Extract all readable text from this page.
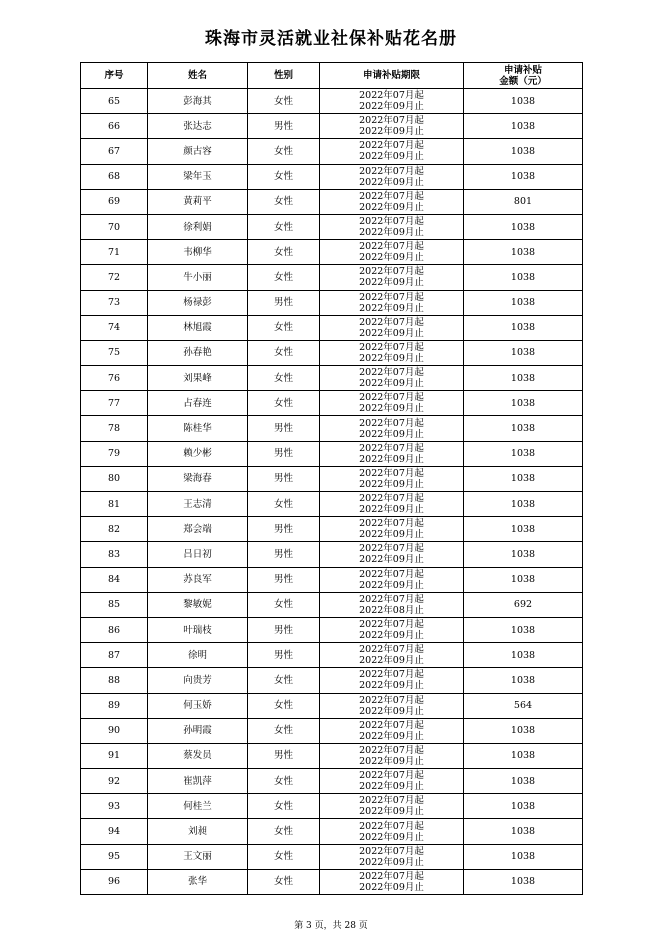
珠海市灵活就业社保补贴花名册
序号	姓名	性别	申请补贴期限	申请补贴
金额（元）

65	彭海其	女性	2022年07月起
2022年09月止	1038
66	张达志	男性	2022年07月起
2022年09月止	1038
67	颜古容	女性	2022年07月起
2022年09月止	1038
68	梁年玉	女性	2022年07月起
2022年09月止	1038
69	黄莉平	女性	2022年07月起
2022年09月止	801
70	徐利娟	女性	2022年07月起
2022年09月止	1038
71	韦柳华	女性	2022年07月起
2022年09月止	1038
72	牛小丽	女性	2022年07月起
2022年09月止	1038
73	杨禄彭	男性	2022年07月起
2022年09月止	1038
74	林旭霞	女性	2022年07月起
2022年09月止	1038
75	孙春艳	女性	2022年07月起
2022年09月止	1038
76	刘果峰	女性	2022年07月起
2022年09月止	1038
77	占春连	女性	2022年07月起
2022年09月止	1038
78	陈桂华	男性	2022年07月起
2022年09月止	1038
79	赖少彬	男性	2022年07月起
2022年09月止	1038
80	梁海春	男性	2022年07月起
2022年09月止	1038
81	王志清	女性	2022年07月起
2022年09月止	1038
82	郑会端	男性	2022年07月起
2022年09月止	1038
83	吕日初	男性	2022年07月起
2022年09月止	1038
84	苏良军	男性	2022年07月起
2022年09月止	1038
85	黎敏妮	女性	2022年07月起
2022年08月止	692
86	叶瑞枝	男性	2022年07月起
2022年09月止	1038
87	徐明	男性	2022年07月起
2022年09月止	1038
88	向贵芳	女性	2022年07月起
2022年09月止	1038
89	何玉娇	女性	2022年07月起
2022年09月止	564
90	孙明霞	女性	2022年07月起
2022年09月止	1038
91	蔡发员	男性	2022年07月起
2022年09月止	1038
92	崔凯萍	女性	2022年07月起
2022年09月止	1038
93	何桂兰	女性	2022年07月起
2022年09月止	1038
94	刘昶	女性	2022年07月起
2022年09月止	1038
95	王文丽	女性	2022年07月起
2022年09月止	1038
96	张华	女性	2022年07月起
2022年09月止	1038
第 3 页，共 28 页
